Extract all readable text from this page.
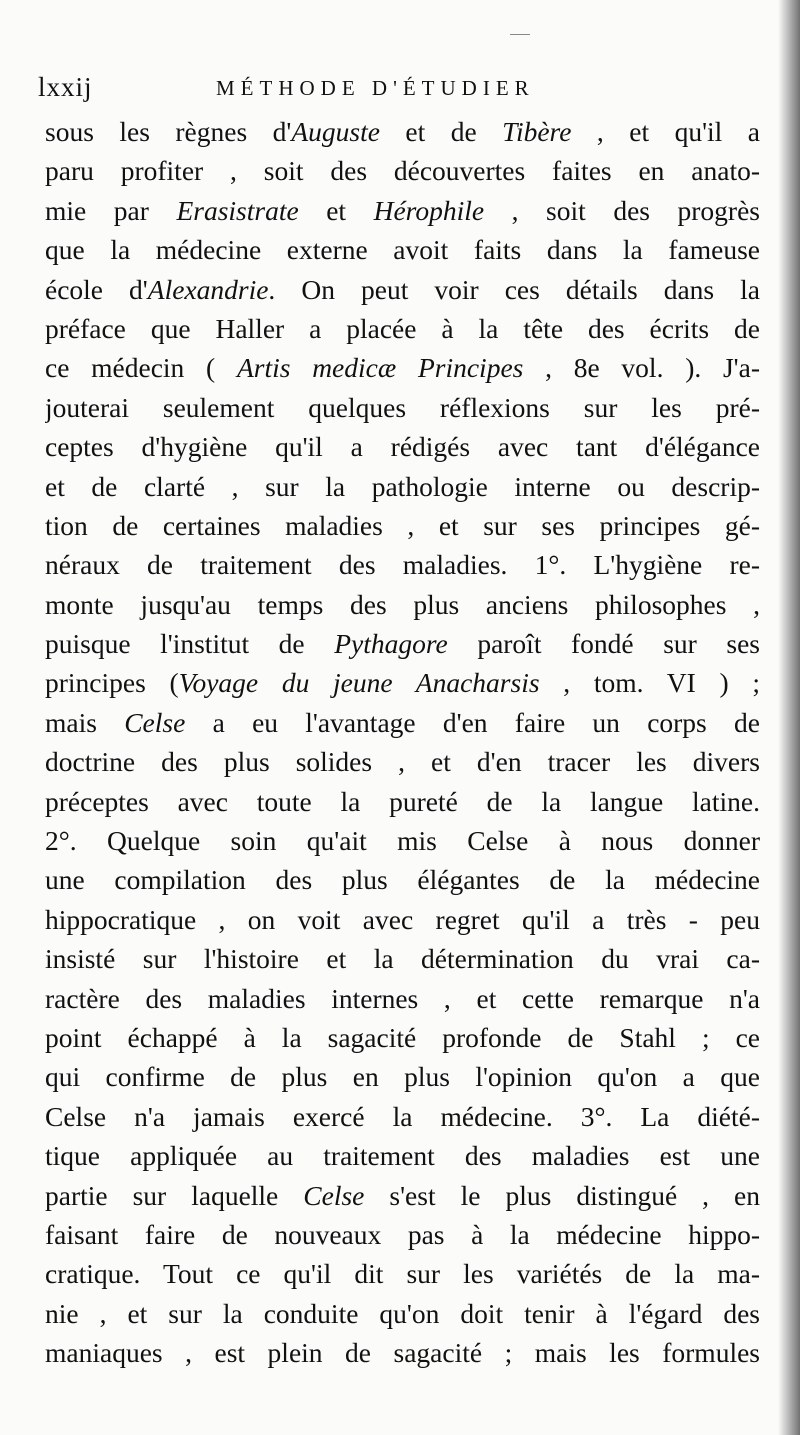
lxxij	MÉTHODE D'ÉTUDIER
sous les règnes d'Auguste et de Tibère , et qu'il a
paru profiter , soit des découvertes faites en anato-
mie par Erasistrate et Hérophile , soit des progrès
que la médecine externe avoit faits dans la fameuse
école d'Alexandrie. On peut voir ces détails dans la
préface que Haller a placée à la tête des écrits de
ce médecin ( Artis medicæ Principes , 8e vol. ). J'a-
jouterai seulement quelques réflexions sur les pré-
ceptes d'hygiène qu'il a rédigés avec tant d'élégance
et de clarté , sur la pathologie interne ou descrip-
tion de certaines maladies , et sur ses principes gé-
néraux de traitement des maladies. 1°. L'hygiène re-
monte jusqu'au temps des plus anciens philosophes ,
puisque l'institut de Pythagore paroît fondé sur ses
principes (Voyage du jeune Anacharsis , tom. VI ) ;
mais Celse a eu l'avantage d'en faire un corps de
doctrine des plus solides , et d'en tracer les divers
préceptes avec toute la pureté de la langue latine.
2°. Quelque soin qu'ait mis Celse à nous donner
une compilation des plus élégantes de la médecine
hippocratique , on voit avec regret qu'il a très - peu
insisté sur l'histoire et la détermination du vrai ca-
ractère des maladies internes , et cette remarque n'a
point échappé à la sagacité profonde de Stahl ; ce
qui confirme de plus en plus l'opinion qu'on a que
Celse n'a jamais exercé la médecine. 3°. La diété-
tique appliquée au traitement des maladies est une
partie sur laquelle Celse s'est le plus distingué , en
faisant faire de nouveaux pas à la médecine hippo-
cratique. Tout ce qu'il dit sur les variétés de la ma-
nie , et sur la conduite qu'on doit tenir à l'égard des
maniaques , est plein de sagacité ; mais les formules
